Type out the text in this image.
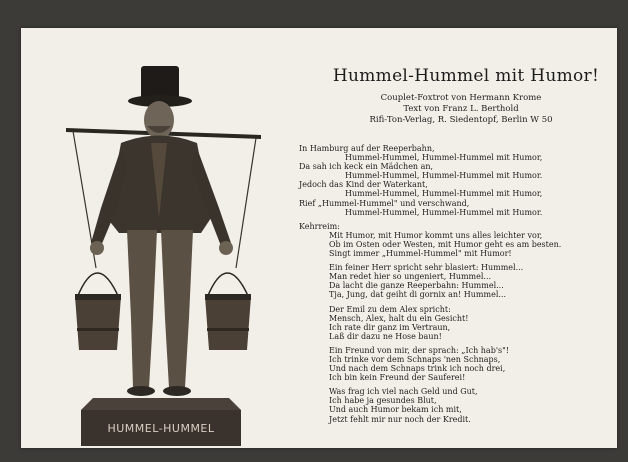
HUMMEL-HUMMEL
Hummel-Hummel mit Humor!
Couplet-Foxtrot von Hermann Krome
Text von Franz L. Berthold
Rifi-Ton-Verlag, R. Siedentopf, Berlin W 50
In Hamburg auf der Reeperbahn,
Hummel-Hummel, Hummel-Hummel mit Humor,
Da sah ich keck ein Mädchen an,
Hummel-Hummel, Hummel-Hummel mit Humor.
Jedoch das Kind der Waterkant,
Hummel-Hummel, Hummel-Hummel mit Humor,
Rief „Hummel-Hummel" und verschwand,
Hummel-Hummel, Hummel-Hummel mit Humor.
Kehrreim:
Mit Humor, mit Humor kommt uns alles leichter vor,
Ob im Osten oder Westen, mit Humor geht es am besten.
Singt immer „Hummel-Hummel" mit Humor!
Ein feiner Herr spricht sehr blasiert: Hummel...
Man redet hier so ungeniert, Hummel...
Da lacht die ganze Reeperbahn: Hummel...
Tja, Jung, dat geiht di gornix an! Hummel...
Der Emil zu dem Alex spricht:
Mensch, Alex, halt du ein Gesicht!
Ich rate dir ganz im Vertraun,
Laß dir dazu ne Hose baun!
Ein Freund von mir, der sprach: „Ich hab's"!
Ich trinke vor dem Schnaps 'nen Schnaps,
Und nach dem Schnaps trink ich noch drei,
Ich bin kein Freund der Sauferei!
Was frag ich viel nach Geld und Gut,
Ich habe ja gesundes Blut,
Und auch Humor bekam ich mit,
Jetzt fehlt mir nur noch der Kredit.
